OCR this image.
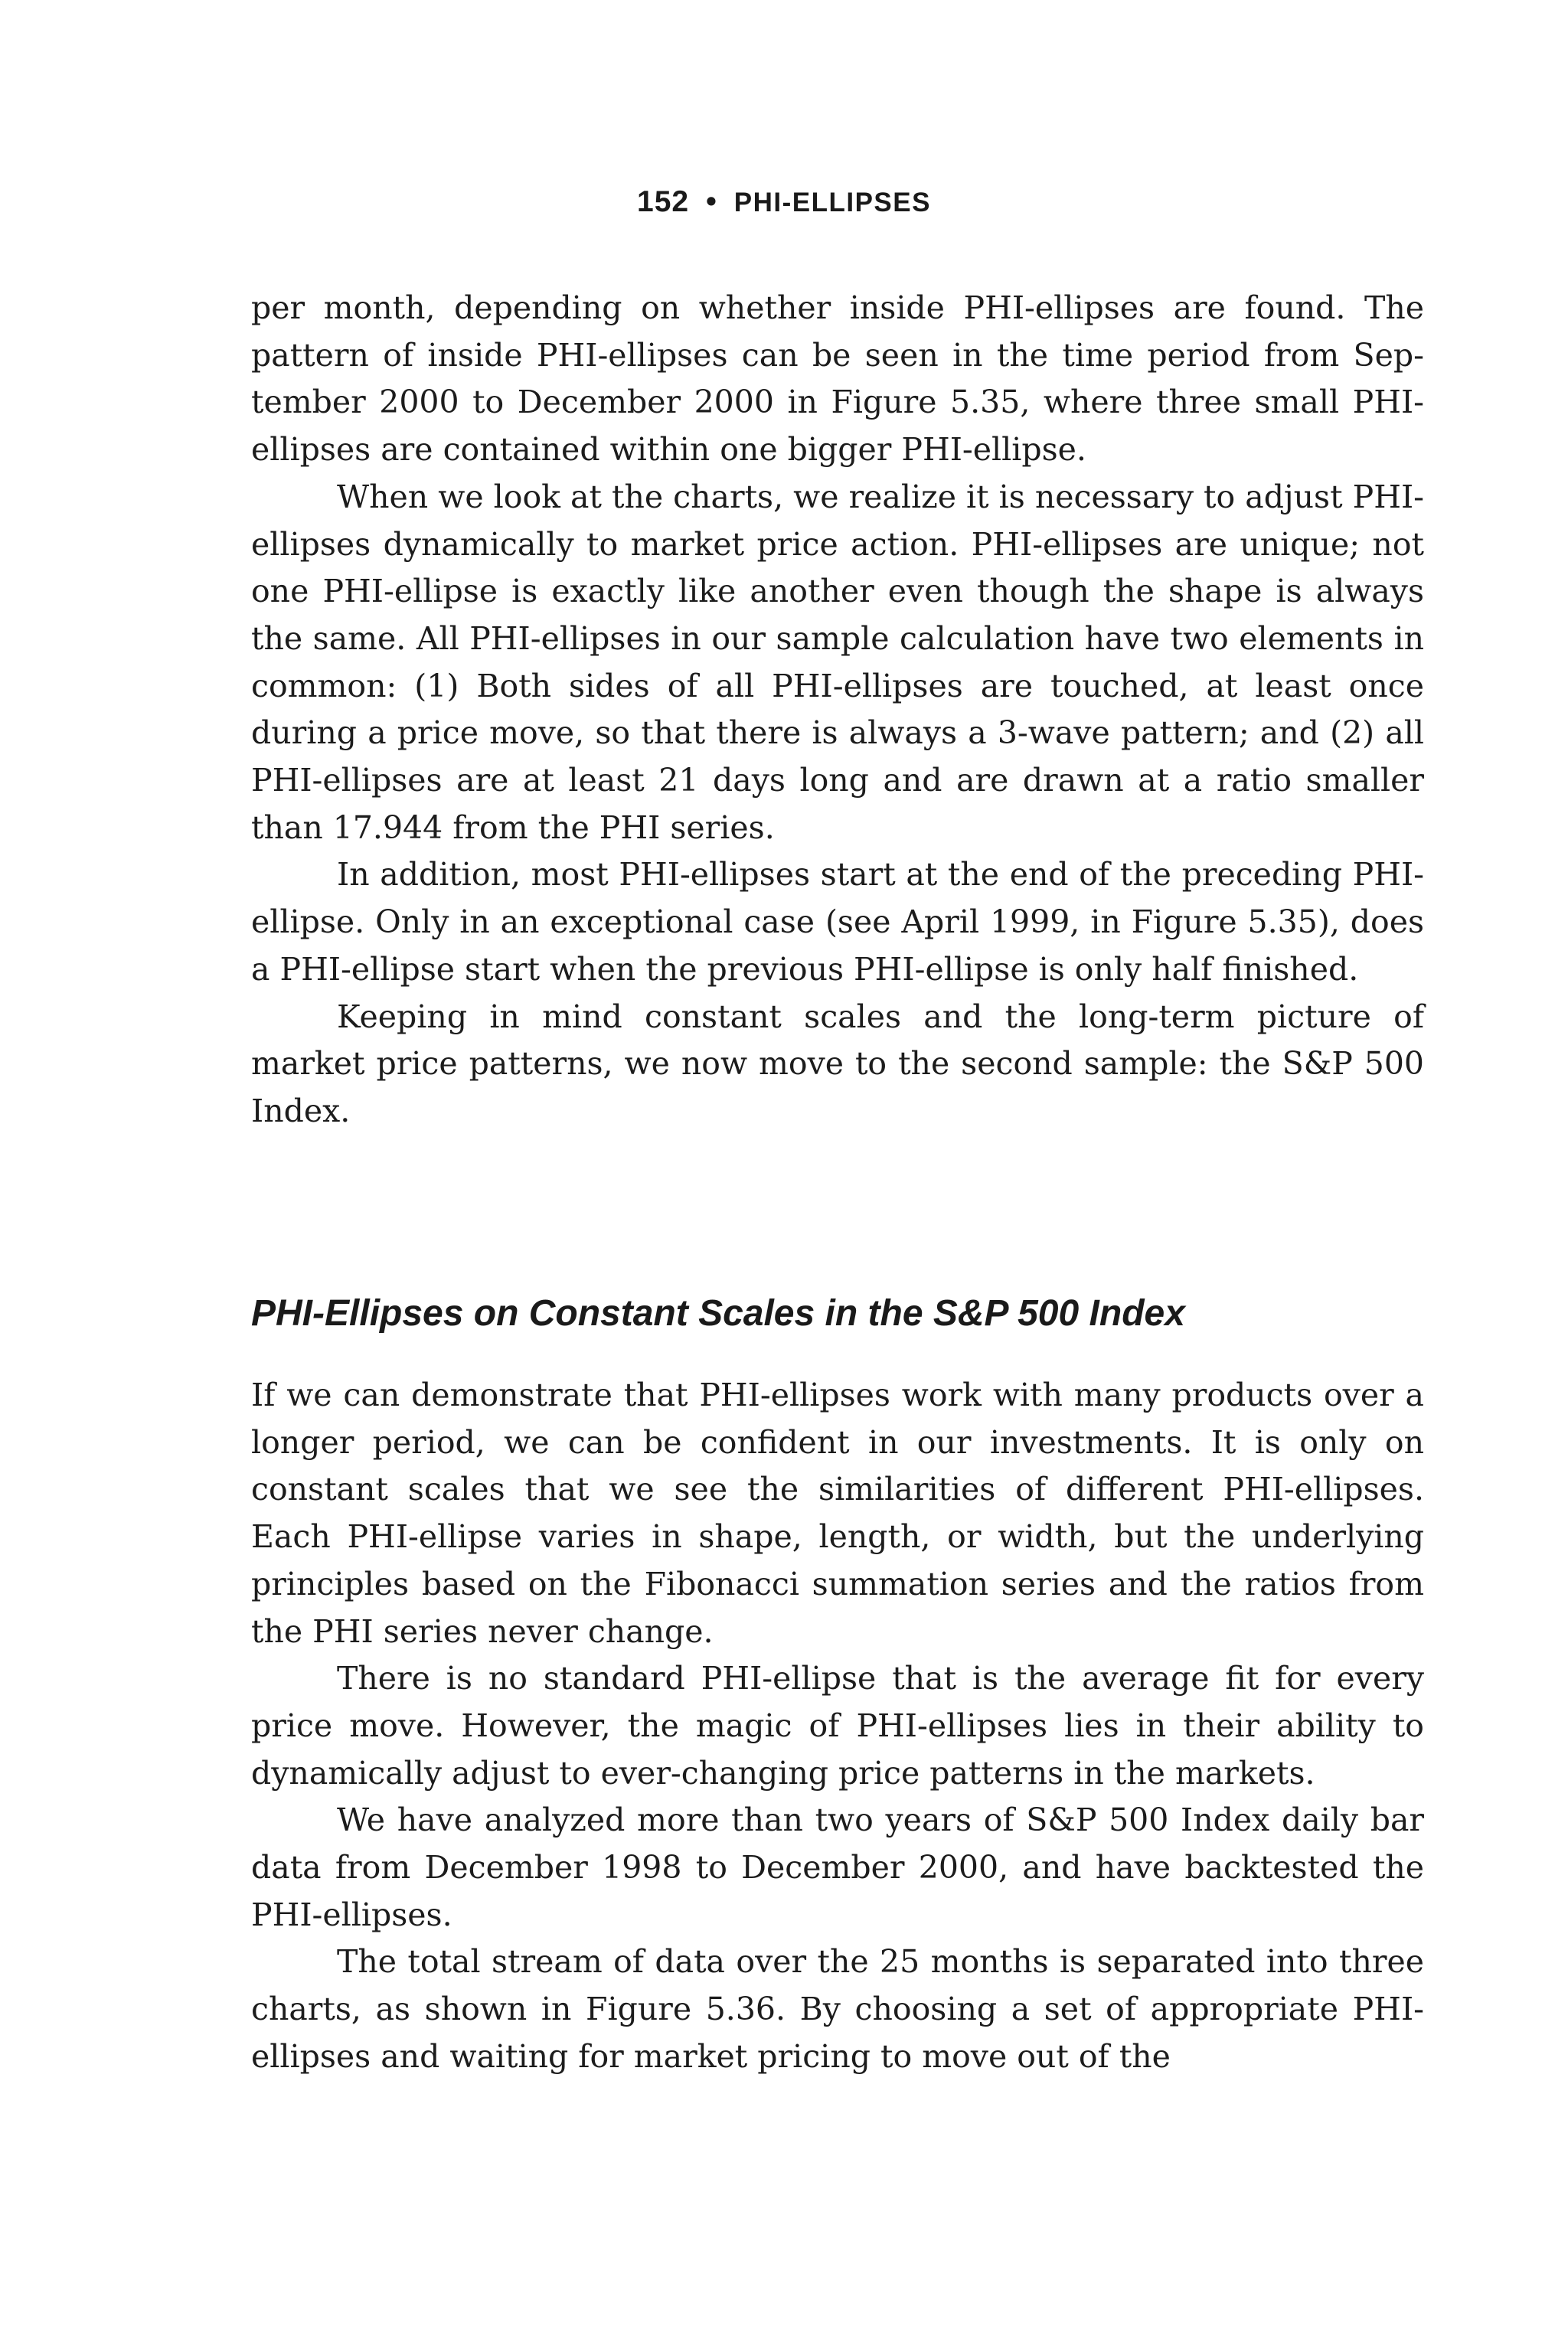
152 • PHI-ELLIPSES

per month, depending on whether inside PHI-ellipses are found. The pattern of inside PHI-ellipses can be seen in the time period from September 2000 to December 2000 in Figure 5.35, where three small PHI-ellipses are contained within one bigger PHI-ellipse.

When we look at the charts, we realize it is necessary to adjust PHI-ellipses dynamically to market price action. PHI-ellipses are unique; not one PHI-ellipse is exactly like another even though the shape is always the same. All PHI-ellipses in our sample calculation have two elements in common: (1) Both sides of all PHI-ellipses are touched, at least once during a price move, so that there is always a 3-wave pattern; and (2) all PHI-ellipses are at least 21 days long and are drawn at a ratio smaller than 17.944 from the PHI series.

In addition, most PHI-ellipses start at the end of the preceding PHI-ellipse. Only in an exceptional case (see April 1999, in Figure 5.35), does a PHI-ellipse start when the previous PHI-ellipse is only half finished.

Keeping in mind constant scales and the long-term picture of market price patterns, we now move to the second sample: the S&P 500 Index.

PHI-Ellipses on Constant Scales in the S&P 500 Index

If we can demonstrate that PHI-ellipses work with many products over a longer period, we can be confident in our investments. It is only on constant scales that we see the similarities of different PHI-ellipses. Each PHI-ellipse varies in shape, length, or width, but the underlying principles based on the Fibonacci summation series and the ratios from the PHI series never change.

There is no standard PHI-ellipse that is the average fit for every price move. However, the magic of PHI-ellipses lies in their ability to dynamically adjust to ever-changing price patterns in the markets.

We have analyzed more than two years of S&P 500 Index daily bar data from December 1998 to December 2000, and have backtested the PHI-ellipses.

The total stream of data over the 25 months is separated into three charts, as shown in Figure 5.36. By choosing a set of appropriate PHI-ellipses and waiting for market pricing to move out of the
